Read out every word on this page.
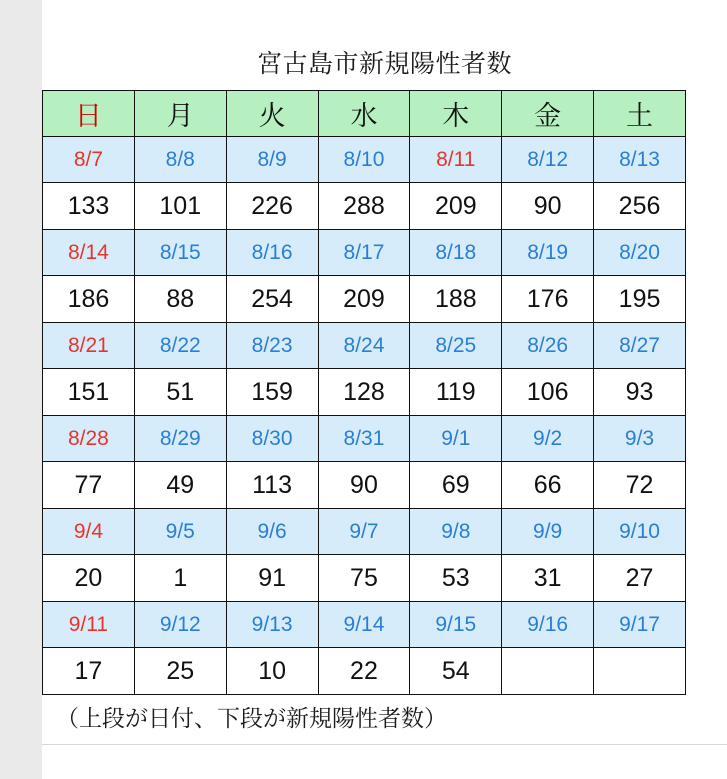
宮古島市新規陽性者数
日	月	火	水	木	金	土
8/7	8/8	8/9	8/10	8/11	8/12	8/13
133	101	226	288	209	90	256
8/14	8/15	8/16	8/17	8/18	8/19	8/20
186	88	254	209	188	176	195
8/21	8/22	8/23	8/24	8/25	8/26	8/27
151	51	159	128	119	106	93
8/28	8/29	8/30	8/31	9/1	9/2	9/3
77	49	113	90	69	66	72
9/4	9/5	9/6	9/7	9/8	9/9	9/10
20	1	91	75	53	31	27
9/11	9/12	9/13	9/14	9/15	9/16	9/17
17	25	10	22	54		
（上段が日付、下段が新規陽性者数）
